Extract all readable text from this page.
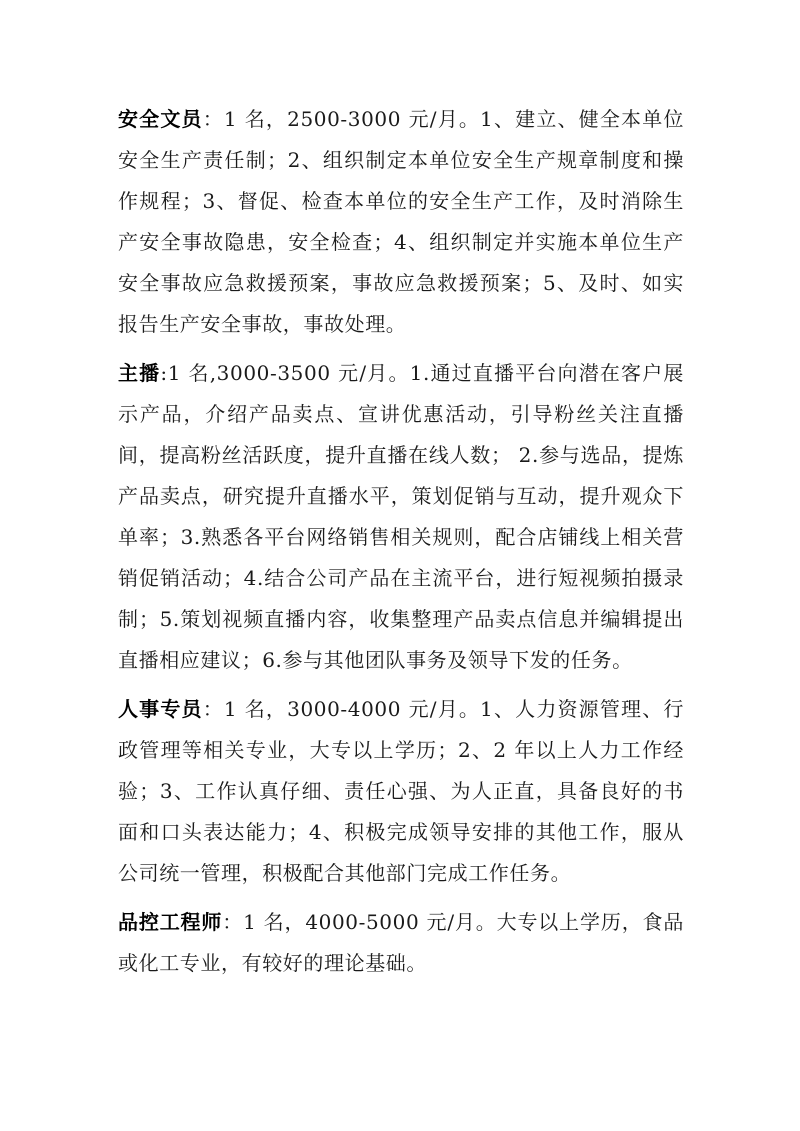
安全文员：1 名，2500-3000 元/月。1、建立、健全本单位安全生产责任制；2、组织制定本单位安全生产规章制度和操作规程；3、督促、检查本单位的安全生产工作，及时消除生产安全事故隐患，安全检查；4、组织制定并实施本单位生产安全事故应急救援预案，事故应急救援预案；5、及时、如实报告生产安全事故，事故处理。

主播:1 名,3000-3500 元/月。1.通过直播平台向潜在客户展示产品，介绍产品卖点、宣讲优惠活动，引导粉丝关注直播间，提高粉丝活跃度，提升直播在线人数； 2.参与选品，提炼产品卖点，研究提升直播水平，策划促销与互动，提升观众下单率；3.熟悉各平台网络销售相关规则，配合店铺线上相关营销促销活动；4.结合公司产品在主流平台，进行短视频拍摄录制；5.策划视频直播内容，收集整理产品卖点信息并编辑提出直播相应建议；6.参与其他团队事务及领导下发的任务。

人事专员：1 名，3000-4000 元/月。1、人力资源管理、行政管理等相关专业，大专以上学历；2、2 年以上人力工作经验；3、工作认真仔细、责任心强、为人正直，具备良好的书面和口头表达能力；4、积极完成领导安排的其他工作，服从公司统一管理，积极配合其他部门完成工作任务。

品控工程师：1 名，4000-5000 元/月。大专以上学历，食品或化工专业，有较好的理论基础。
